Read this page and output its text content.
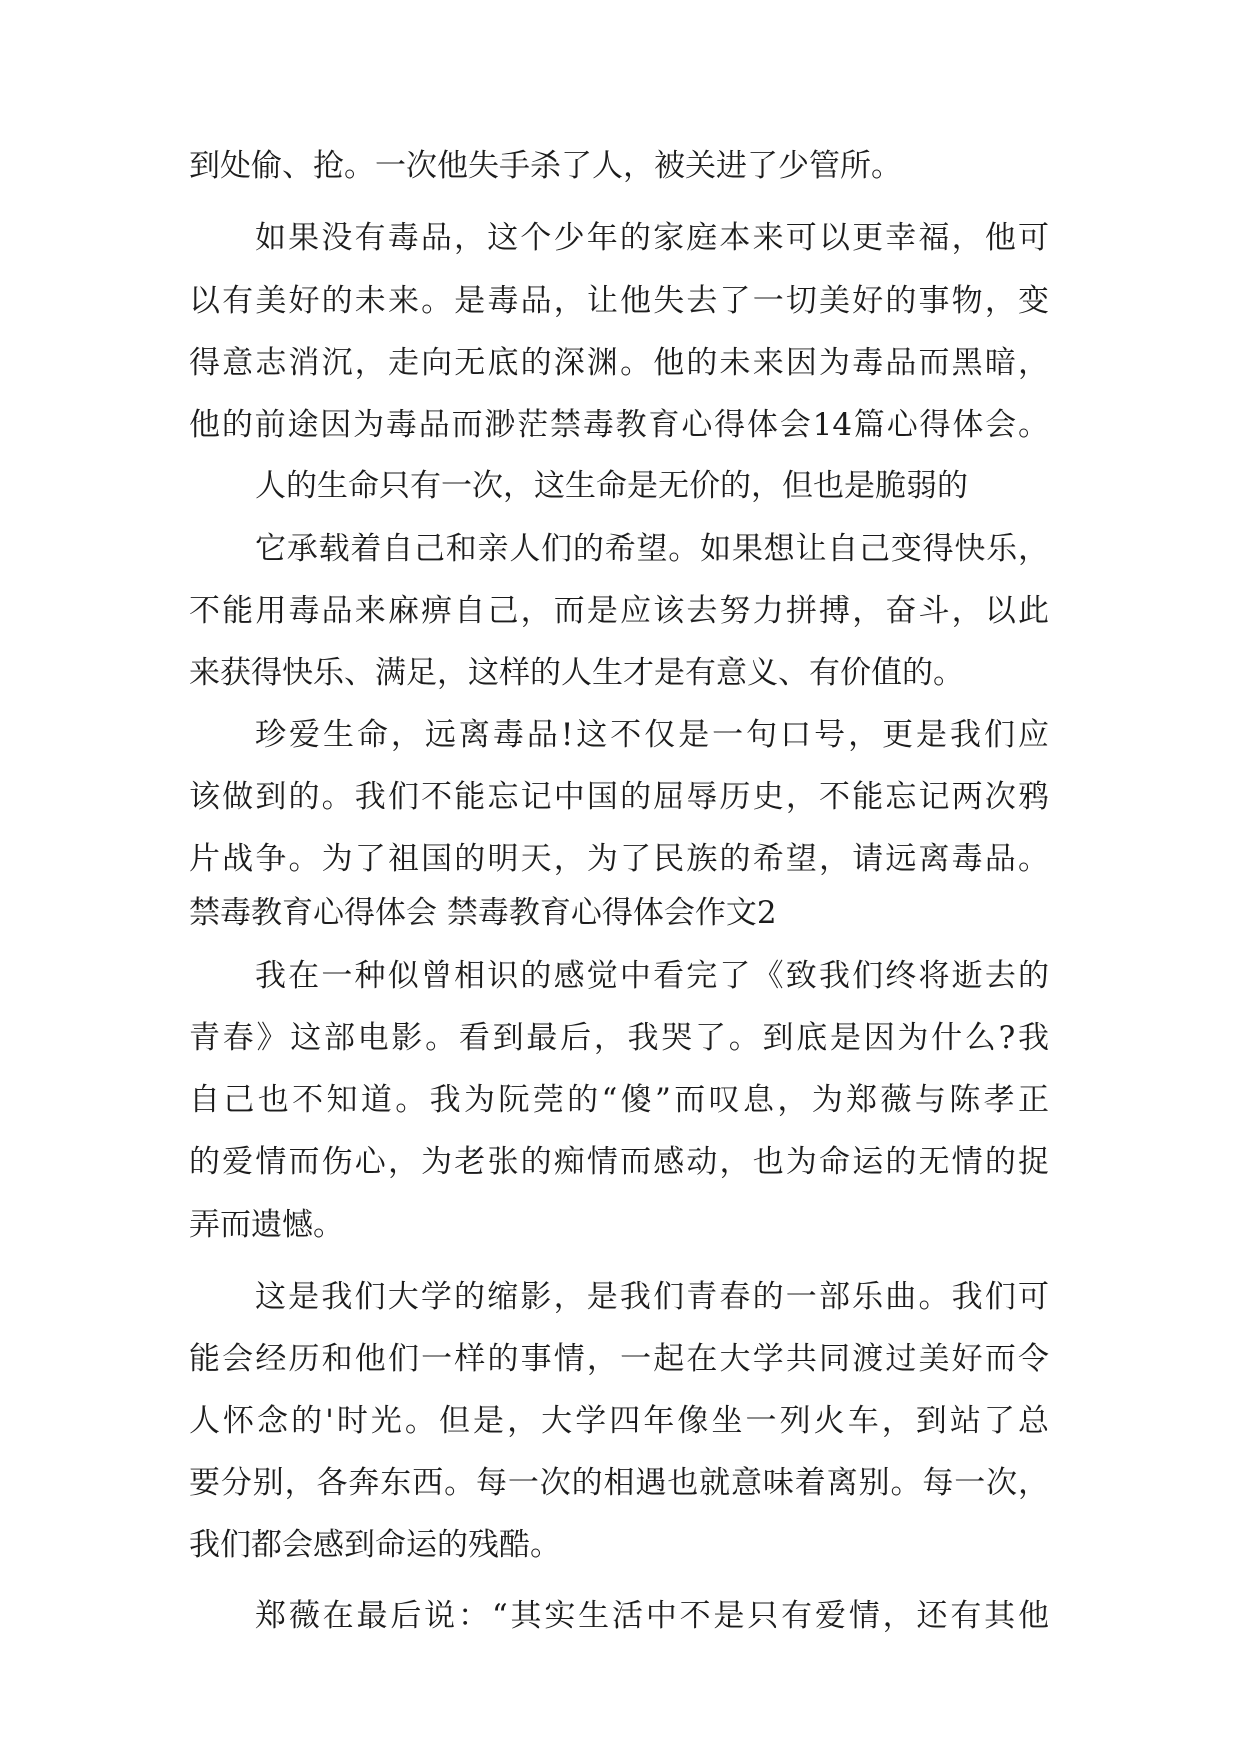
到处偷、抢。一次他失手杀了人，被关进了少管所。
如果没有毒品，这个少年的家庭本来可以更幸福，他可
以有美好的未来。是毒品，让他失去了一切美好的事物，变
得意志消沉，走向无底的深渊。他的未来因为毒品而黑暗，
他的前途因为毒品而渺茫禁毒教育心得体会14篇心得体会。
人的生命只有一次，这生命是无价的，但也是脆弱的
它承载着自己和亲人们的希望。如果想让自己变得快乐，
不能用毒品来麻痹自己，而是应该去努力拼搏，奋斗，以此
来获得快乐、满足，这样的人生才是有意义、有价值的。
珍爱生命，远离毒品!这不仅是一句口号，更是我们应
该做到的。我们不能忘记中国的屈辱历史，不能忘记两次鸦
片战争。为了祖国的明天，为了民族的希望，请远离毒品。
禁毒教育心得体会 禁毒教育心得体会作文2
我在一种似曾相识的感觉中看完了《致我们终将逝去的
青春》这部电影。看到最后，我哭了。到底是因为什么?我
自己也不知道。我为阮莞的“傻”而叹息，为郑薇与陈孝正
的爱情而伤心，为老张的痴情而感动，也为命运的无情的捉
弄而遗憾。
这是我们大学的缩影，是我们青春的一部乐曲。我们可
能会经历和他们一样的事情，一起在大学共同渡过美好而令
人怀念的'时光。但是，大学四年像坐一列火车，到站了总
要分别，各奔东西。每一次的相遇也就意味着离别。每一次，
我们都会感到命运的残酷。
郑薇在最后说：“其实生活中不是只有爱情，还有其他
